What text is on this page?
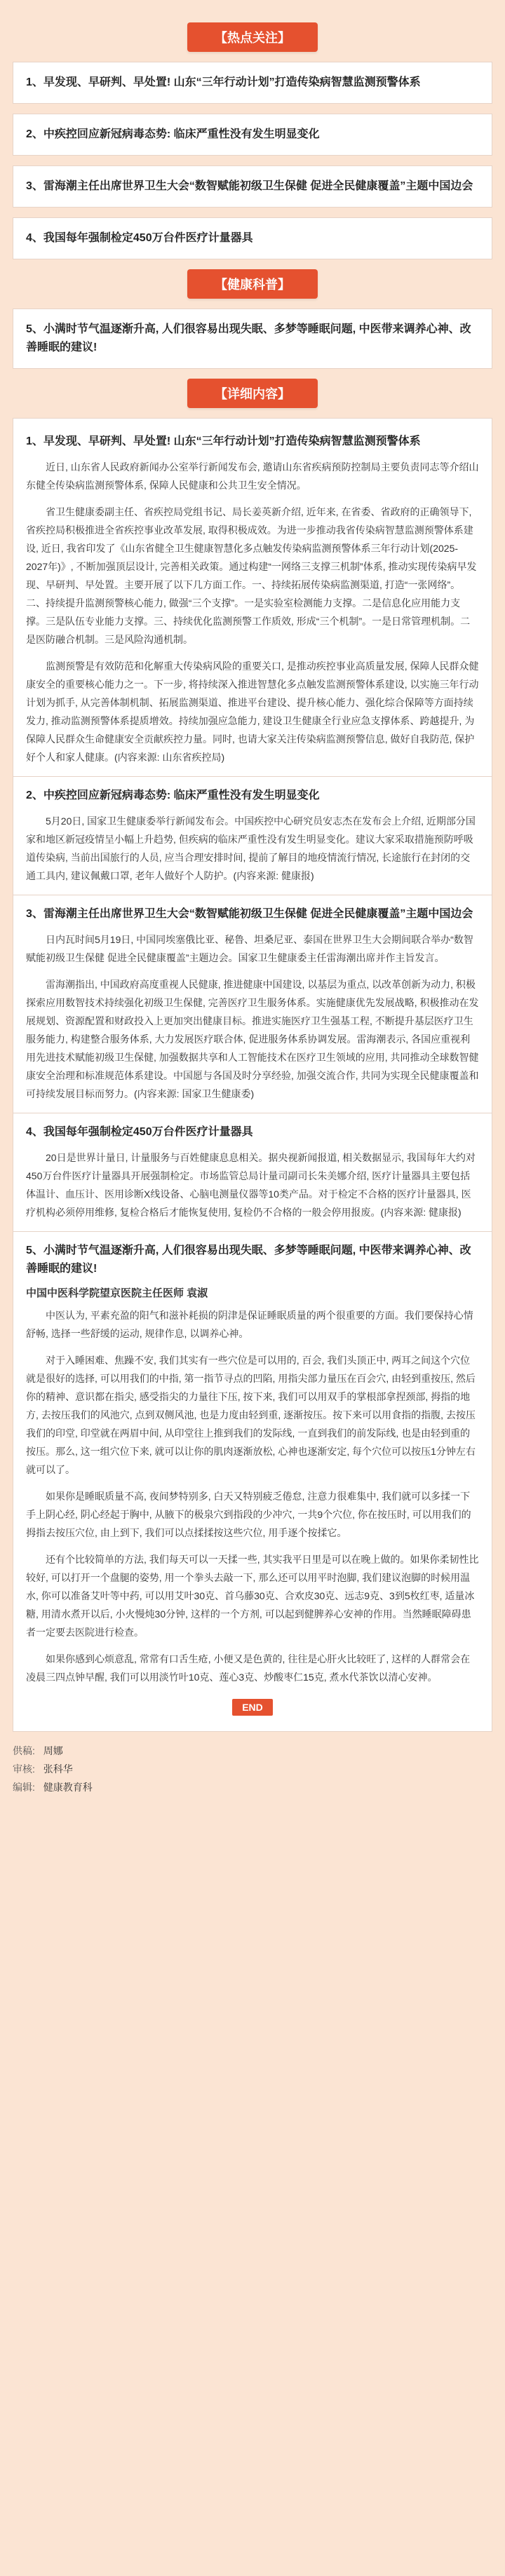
【热点关注】
1、早发现、早研判、早处置! 山东“三年行动计划”打造传染病智慧监测预警体系
2、中疾控回应新冠病毒态势: 临床严重性没有发生明显变化
3、雷海潮主任出席世界卫生大会“数智赋能初级卫生保健 促进全民健康覆盖”主题中国边会
4、我国每年强制检定450万台件医疗计量器具
【健康科普】
5、小满时节气温逐渐升高, 人们很容易出现失眠、多梦等睡眠问题, 中医带来调养心神、改善睡眠的建议!
【详细内容】
1、早发现、早研判、早处置! 山东“三年行动计划”打造传染病智慧监测预警体系

近日, 山东省人民政府新闻办公室举行新闻发布会, 邀请山东省疾病预防控制局主要负责同志等介绍山东健全传染病监测预警体系, 保障人民健康和公共卫生安全情况。

省卫生健康委副主任、省疾控局党组书记、局长姜英新介绍, 近年来, 在省委、省政府的正确领导下, 省疾控局积极推进全省疾控事业改革发展, 取得积极成效。为进一步推动我省传染病智慧监测预警体系建设, 近日, 我省印发了《山东省健全卫生健康智慧化多点触发传染病监测预警体系三年行动计划(2025-2027年)》, 不断加强顶层设计, 完善相关政策。通过构建“一网络三支撑三机制”体系, 推动实现传染病早发现、早研判、早处置。主要开展了以下几方面工作。一、持续拓展传染病监测渠道, 打造“一张网络”。二、持续提升监测预警核心能力, 做强“三个支撑”。一是实验室检测能力支撑。二是信息化应用能力支撑。三是队伍专业能力支撑。三、持续优化监测预警工作质效, 形成“三个机制”。一是日常管理机制。二是医防融合机制。三是风险沟通机制。

监测预警是有效防范和化解重大传染病风险的重要关口, 是推动疾控事业高质量发展, 保障人民群众健康安全的重要核心能力之一。下一步, 将持续深入推进智慧化多点触发监测预警体系建设, 以实施三年行动计划为抓手, 从完善体制机制、拓展监测渠道、推进平台建设、提升核心能力、强化综合保障等方面持续发力, 推动监测预警体系提质增效。持续加强应急能力, 建设卫生健康全行业应急支撑体系、跨越提升, 为保障人民群众生命健康安全贡献疾控力量。同时, 也请大家关注传染病监测预警信息, 做好自我防范, 保护好个人和家人健康。(内容来源: 山东省疾控局)

2、中疾控回应新冠病毒态势: 临床严重性没有发生明显变化

5月20日, 国家卫生健康委举行新闻发布会。中国疾控中心研究员安志杰在发布会上介绍, 近期部分国家和地区新冠疫情呈小幅上升趋势, 但疾病的临床严重性没有发生明显变化。建议大家采取措施预防呼吸道传染病, 当前出国旅行的人员, 应当合理安排时间, 提前了解目的地疫情流行情况, 长途旅行在封闭的交通工具内, 建议佩戴口罩, 老年人做好个人防护。(内容来源: 健康报)

3、雷海潮主任出席世界卫生大会“数智赋能初级卫生保健 促进全民健康覆盖”主题中国边会

日内瓦时间5月19日, 中国同埃塞俄比亚、秘鲁、坦桑尼亚、泰国在世界卫生大会期间联合举办“数智赋能初级卫生保健 促进全民健康覆盖”主题边会。国家卫生健康委主任雷海潮出席并作主旨发言。

雷海潮指出, 中国政府高度重视人民健康, 推进健康中国建设, 以基层为重点, 以改革创新为动力, 积极探索应用数智技术持续强化初级卫生保健, 完善医疗卫生服务体系。实施健康优先发展战略, 积极推动在发展规划、资源配置和财政投入上更加突出健康目标。推进实施医疗卫生强基工程, 不断提升基层医疗卫生服务能力, 构建整合服务体系, 大力发展医疗联合体, 促进服务体系协调发展。雷海潮表示, 各国应重视利用先进技术赋能初级卫生保健, 加强数据共享和人工智能技术在医疗卫生领域的应用, 共同推动全球数智健康安全治理和标准规范体系建设。中国愿与各国及时分享经验, 加强交流合作, 共同为实现全民健康覆盖和可持续发展目标而努力。(内容来源: 国家卫生健康委)

4、我国每年强制检定450万台件医疗计量器具

20日是世界计量日, 计量服务与百姓健康息息相关。据央视新闻报道, 相关数据显示, 我国每年大约对450万台件医疗计量器具开展强制检定。市场监管总局计量司副司长朱美娜介绍, 医疗计量器具主要包括体温计、血压计、医用诊断X线设备、心脑电测量仪器等10类产品。对于检定不合格的医疗计量器具, 医疗机构必须停用维修, 复检合格后才能恢复使用, 复检仍不合格的一般会停用报废。(内容来源: 健康报)

5、小满时节气温逐渐升高, 人们很容易出现失眠、多梦等睡眠问题, 中医带来调养心神、改善睡眠的建议!
中国中医科学院望京医院主任医师 袁淑

中医认为, 平素充盈的阳气和滋补耗损的阴津是保证睡眠质量的两个很重要的方面。我们要保持心情舒畅, 选择一些舒缓的运动, 规律作息, 以调养心神。

对于入睡困难、焦躁不安, 我们其实有一些穴位是可以用的, 百会, 我们头顶正中, 两耳之间这个穴位就是很好的选择, 可以用我们的中指, 第一指节寻点的凹陷, 用指尖部力量压在百会穴, 由轻到重按压, 然后你的精神、意识都在指尖, 感受指尖的力量往下压, 按下来, 我们可以用双手的掌根部拿捏颈部, 拇指的地方, 去按压我们的风池穴, 点到双侧风池, 也是力度由轻到重, 逐渐按压。按下来可以用食指的指腹, 去按压我们的印堂, 印堂就在两眉中间, 从印堂往上推到我们的发际线, 一直到我们的前发际线, 也是由轻到重的按压。那么, 这一组穴位下来, 就可以让你的肌肉逐渐放松, 心神也逐渐安定, 每个穴位可以按压1分钟左右就可以了。

如果你是睡眠质量不高, 夜间梦特别多, 白天又特别疲乏倦怠, 注意力很难集中, 我们就可以多揉一下手上阴心经, 阴心经起于胸中, 从腋下的极泉穴到指段的少冲穴, 一共9个穴位, 你在按压时, 可以用我们的拇指去按压穴位, 由上到下, 我们可以点揉揉按这些穴位, 用手逐个按揉它。

还有个比较简单的方法, 我们每天可以一天揉一些, 其实我平日里是可以在晚上做的。如果你柔韧性比较好, 可以打开一个盘腿的姿势, 用一个拳头去敲一下, 那么还可以用平时泡脚, 我们建议泡脚的时候用温水, 你可以准备艾叶等中药, 可以用艾叶30克、首乌藤30克、合欢皮30克、远志9克、3到5枚红枣, 适量冰糖, 用清水煮开以后, 小火慢炖30分钟, 这样的一个方剂, 可以起到健脾养心安神的作用。当然睡眠障碍患者一定要去医院进行检查。

如果你感到心烦意乱, 常常有口舌生疮, 小便又是色黄的, 往往是心肝火比较旺了, 这样的人群常会在凌晨三四点钟早醒, 我们可以用淡竹叶10克、莲心3克、炒酸枣仁15克, 煮水代茶饮以清心安神。

END
供稿: 周娜
审核: 张科华
编辑: 健康教育科
